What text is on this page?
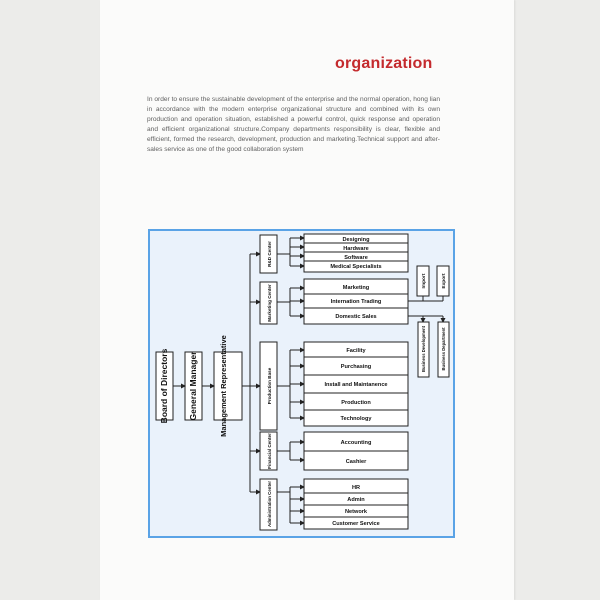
organization
In order to ensure the sustainable development of the enterprise and the normal operation, hong lian in accordance with the modern enterprise organizational structure and combined with its own production and operation situation, established a powerful control, quick response and operation and efficient organizational structure.Company departments responsibility is clear, flexible and efficient, formed the research, development, production and marketing.Technical support and after-sales service as one of the good collaboration system
Board of Directors General Manager	Management Representative
R&D Center
Marketing Center
Production Base
Financial Center
Administration Center
Designing
Hardware
Software
Medical Specialists
Marketing
Internation Trading
Domestic Sales
Import	Export
Business Development	Business Department
Facility
Purchasing
Install and Maintanence
Production
Technology
Accounting
Cashier
HR
Admin
Network
Customer Service
